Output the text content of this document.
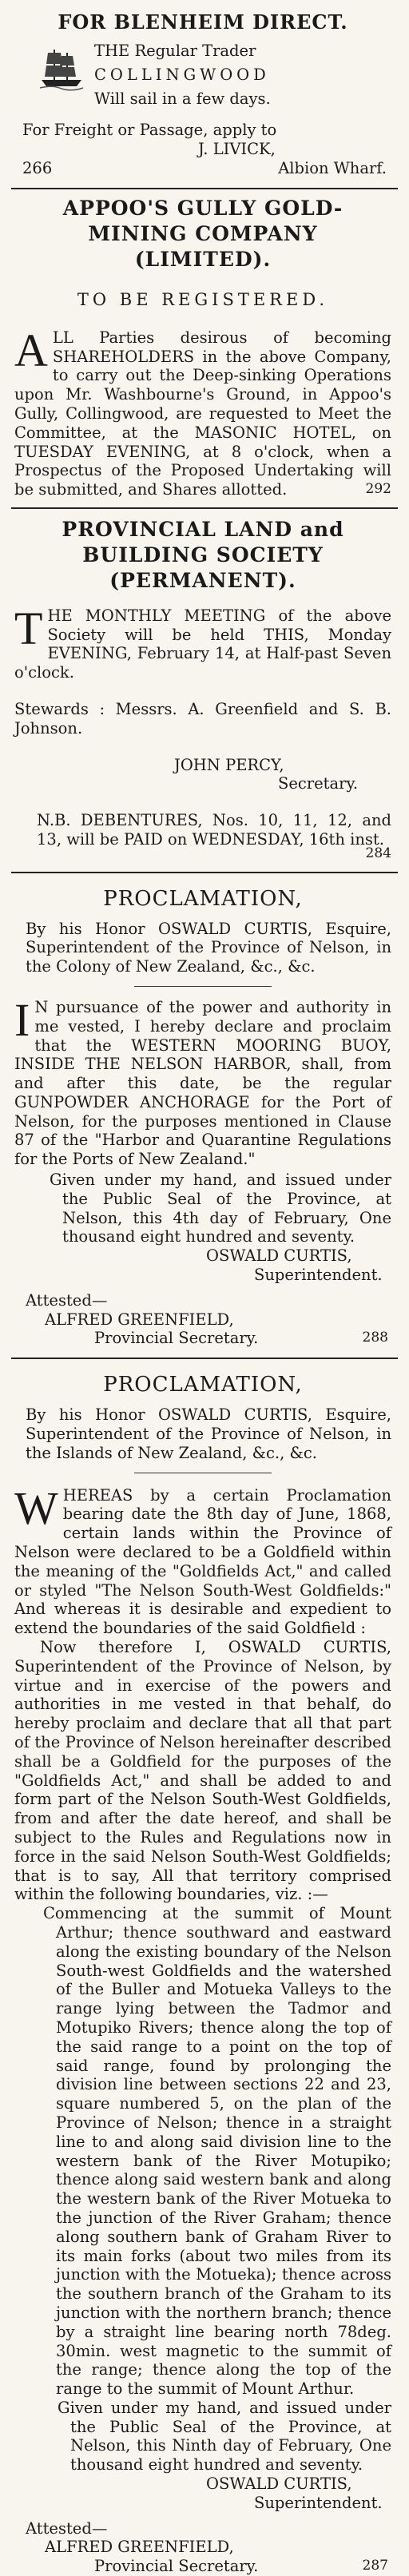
FOR BLENHEIM DIRECT.

THE Regular Trader
COLLINGWOOD
Will sail in a few days.
For Freight or Passage, apply to
J. LIVICK,
266	Albion Wharf.

APPOO'S GULLY GOLD-MINING COMPANY (LIMITED).

TO BE REGISTERED.

A LL Parties desirous of becoming SHAREHOLDERS in the above Company, to carry out the Deep-sinking Operations upon Mr. Washbourne's Ground, in Appoo's Gully, Collingwood, are requested to Meet the Committee, at the MASONIC HOTEL, on TUESDAY EVENING, at 8 o'clock, when a Prospectus of the Proposed Undertaking will be submitted, and Shares allotted.	292

PROVINCIAL LAND and BUILDING SOCIETY (PERMANENT).

T HE MONTHLY MEETING of the above Society will be held THIS, Monday EVENING, February 14, at Half-past Seven o'clock.

Stewards : Messrs. A. Greenfield and S. B. Johnson.

JOHN PERCY,
Secretary.

N.B. DEBENTURES, Nos. 10, 11, 12, and 13, will be PAID on WEDNESDAY, 16th inst.

284

PROCLAMATION,

By his Honor OSWALD CURTIS, Esquire, Superintendent of the Province of Nelson, in the Colony of New Zealand, &c., &c.

I N pursuance of the power and authority in me vested, I hereby declare and proclaim that the WESTERN MOORING BUOY, INSIDE THE NELSON HARBOR, shall, from and after this date, be the regular GUNPOWDER ANCHORAGE for the Port of Nelson, for the purposes mentioned in Clause 87 of the "Harbor and Quarantine Regulations for the Ports of New Zealand."

Given under my hand, and issued under the Public Seal of the Province, at Nelson, this 4th day of February, One thousand eight hundred and seventy.

OSWALD CURTIS,
Superintendent.
Attested—
ALFRED GREENFIELD,
Provincial Secretary.	288

PROCLAMATION,

By his Honor OSWALD CURTIS, Esquire, Superintendent of the Province of Nelson, in the Islands of New Zealand, &c., &c.

W HEREAS by a certain Proclamation bearing date the 8th day of June, 1868, certain lands within the Province of Nelson were declared to be a Goldfield within the meaning of the "Goldfields Act," and called or styled "The Nelson South-West Goldfields:" And whereas it is desirable and expedient to extend the boundaries of the said Goldfield :

Now therefore I, OSWALD CURTIS, Superintendent of the Province of Nelson, by virtue and in exercise of the powers and authorities in me vested in that behalf, do hereby proclaim and declare that all that part of the Province of Nelson hereinafter described shall be a Goldfield for the purposes of the "Goldfields Act," and shall be added to and form part of the Nelson South-West Goldfields, from and after the date hereof, and shall be subject to the Rules and Regulations now in force in the said Nelson South-West Goldfields; that is to say, All that territory comprised within the following boundaries, viz. :—

Commencing at the summit of Mount Arthur; thence southward and eastward along the existing boundary of the Nelson South-west Goldfields and the watershed of the Buller and Motueka Valleys to the range lying between the Tadmor and Motupiko Rivers; thence along the top of the said range to a point on the top of said range, found by prolonging the division line between sections 22 and 23, square numbered 5, on the plan of the Province of Nelson; thence in a straight line to and along said division line to the western bank of the River Motupiko; thence along said western bank and along the western bank of the River Motueka to the junction of the River Graham; thence along southern bank of Graham River to its main forks (about two miles from its junction with the Motueka); thence across the southern branch of the Graham to its junction with the northern branch; thence by a straight line bearing north 78deg. 30min. west magnetic to the summit of the range; thence along the top of the range to the summit of Mount Arthur.

Given under my hand, and issued under the Public Seal of the Province, at Nelson, this Ninth day of February, One thousand eight hundred and seventy.

OSWALD CURTIS,
Superintendent.
Attested—
ALFRED GREENFIELD,
Provincial Secretary.	287
